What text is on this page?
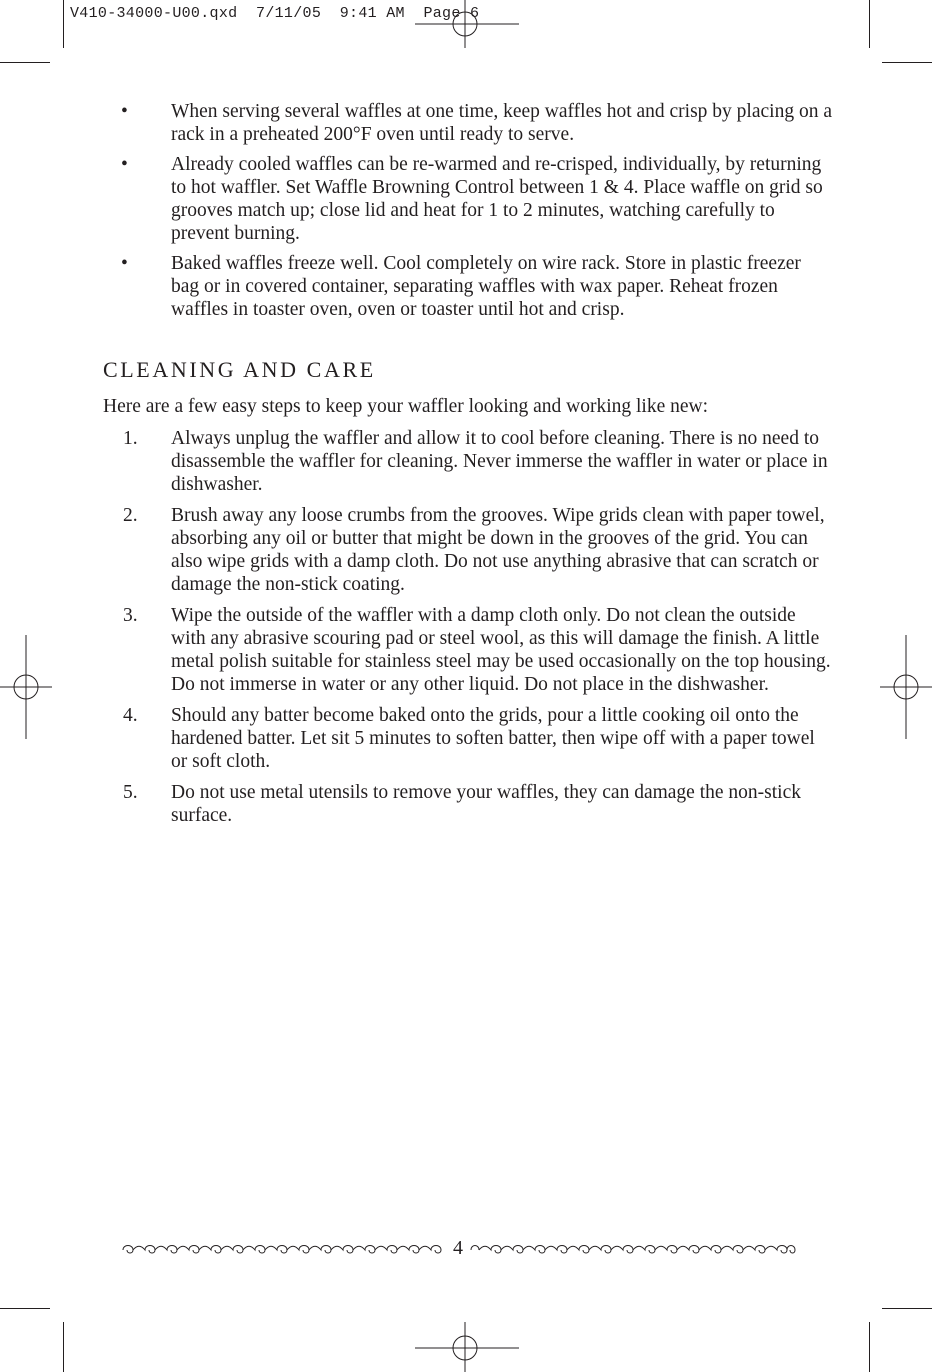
V410-34000-U00.qxd  7/11/05  9:41 AM  Page 6
• When serving several waffles at one time, keep waffles hot and crisp by placing on a rack in a preheated 200°F oven until ready to serve.
• Already cooled waffles can be re-warmed and re-crisped, individually, by returning to hot waffler. Set Waffle Browning Control between 1 & 4. Place waffle on grid so grooves match up; close lid and heat for 1 to 2 minutes, watching carefully to prevent burning.
• Baked waffles freeze well. Cool completely on wire rack. Store in plastic freezer bag or in covered container, separating waffles with wax paper. Reheat frozen waffles in toaster oven, oven or toaster until hot and crisp.
CLEANING AND CARE

Here are a few easy steps to keep your waffler looking and working like new:

1. Always unplug the waffler and allow it to cool before cleaning. There is no need to disassemble the waffler for cleaning. Never immerse the waffler in water or place in dishwasher.
2. Brush away any loose crumbs from the grooves. Wipe grids clean with paper towel, absorbing any oil or butter that might be down in the grooves of the grid. You can also wipe grids with a damp cloth. Do not use anything abrasive that can scratch or damage the non-stick coating.
3. Wipe the outside of the waffler with a damp cloth only. Do not clean the outside with any abrasive scouring pad or steel wool, as this will damage the finish. A little metal polish suitable for stainless steel may be used occasionally on the top housing. Do not immerse in water or any other liquid. Do not place in the dishwasher.
4. Should any batter become baked onto the grids, pour a little cooking oil onto the hardened batter. Let sit 5 minutes to soften batter, then wipe off with a paper towel or soft cloth.
5. Do not use metal utensils to remove your waffles, they can damage the non-stick surface.
4
